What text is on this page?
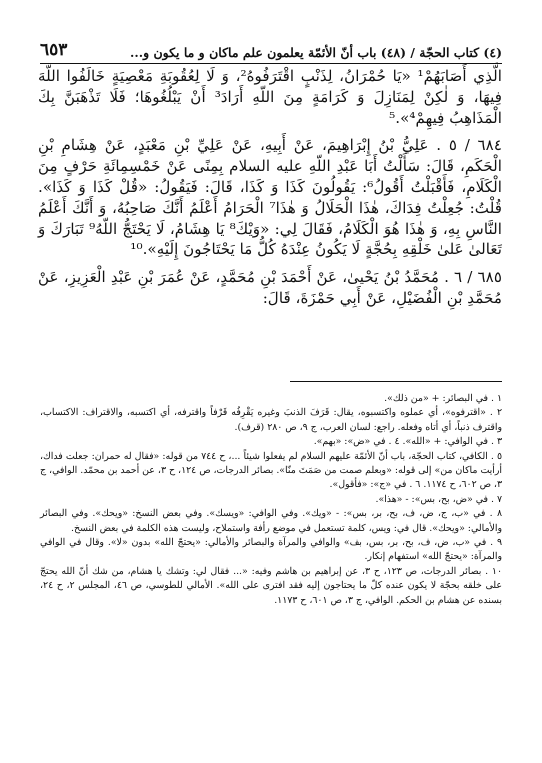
(٤) كتاب الحجّة / (٤٨) باب أنّ الأئمّة يعلمون علم ماكان و ما يكون و...
٦٥٣

الَّذِي أَصَابَهُمْ¹ «يَا حُمْرَانُ، لِذَنْبٍ اقْتَرَفُوهُ²، وَ لَا لِعُقُوبَةِ مَعْصِيَةٍ خَالَفُوا اللّهَ فِيهَا، وَ لٰكِنْ لِمَنَازِلَ وَ كَرَامَةٍ مِنَ اللّهِ أَرَادَ³ أَنْ يَبْلُغُوهَا؛ فَلَا تَذْهَبَنَّ بِكَ الْمَذَاهِبُ فِيهِمْ⁴».⁵

٦٨٤ / ٥ . عَلِيُّ بْنُ إِبْرَاهِيمَ، عَنْ أَبِيهِ، عَنْ عَلِيِّ بْنِ مَعْبَدٍ، عَنْ هِشَامِ بْنِ الْحَكَمِ، قَالَ: سَأَلْتُ أَبَا عَبْدِ اللّهِ عليه السلام بِمِنًى عَنْ خَمْسِمِائَةِ حَرْفٍ مِنَ الْكَلَامِ، فَأَقْبَلْتُ أَقُولُ⁶: يَقُولُونَ كَذَا وَ كَذَا، قَالَ: فَيَقُولُ: «قُلْ كَذَا وَ كَذَا». قُلْتُ: جُعِلْتُ فِدَاكَ، هٰذَا الْحَلَالُ وَ هٰذَا⁷ الْحَرَامُ أَعْلَمُ أَنَّكَ صَاحِبُهُ، وَ أَنَّكَ أَعْلَمُ النَّاسِ بِهِ، وَ هٰذَا هُوَ الْكَلَامُ، فَقَالَ لِي: «وَيْكَ⁸ يَا هِشَامُ، لَا يَحْتَجُّ اللّهُ⁹ تَبَارَكَ وَ تَعَالىٰ عَلىٰ خَلْقِهِ بِحُجَّةٍ لَا يَكُونُ عِنْدَهُ كُلُّ مَا يَحْتَاجُونَ إِلَيْهِ».¹⁰

٦٨٥ / ٦ . مُحَمَّدُ بْنُ يَحْيىٰ، عَنْ أَحْمَدَ بْنِ مُحَمَّدٍ، عَنْ عُمَرَ بْنِ عَبْدِ الْعَزِيزِ، عَنْ مُحَمَّدِ بْنِ الْفُضَيْلِ، عَنْ أَبِي حَمْزَةَ، قَالَ:

١ . في البصائر: + «من ذلك».

٢ . «اقترفوه»، أي عملوه واكتسبوه، يقال: قَرَفَ الذنبَ وغيره يَقْرِفُه قَرْفاً واقترفه، أي اكتسبه، والاقتراف: الاكتساب، واقترف ذنباً، أي أتاه وفعله. راجع: لسان العرب، ج ٩، ص ٢٨٠ (قرف).

٣ . في الوافي: + «الله». ٤ . في «ض»: «بهم».

٥ . الكافي، كتاب الحجّة، باب أنّ الأئمّة عليهم السلام لم يفعلوا شيئاً ...، ح ٧٤٤ من قوله: «فقال له حمران: جعلت فداك، أرأيت ماكان من» إلى قوله: «وبعلم صمت من صَمَتَ منّا». بصائر الدرجات، ص ١٢٤، ح ٣، عن أحمد بن محمّد. الوافي، ج ٣، ص ٦٠٢، ح ١١٧٤. ٦ . في «ج»: «فأقول».

٧ . في «ض، بح، بس»: - «هذا».

٨ . في «ب، ج، ض، ف، بح، بر، بس»: - «ويك». وفي الوافي: «ويسك». وفي بعض النسخ: «ويحك». وفي البصائر والأمالي: «ويحك». قال في: ويس، كلمة تستعمل في موضع رأفة واستملاح، وليست هذه الكلمة في بعض النسخ.

٩ . في «ب، ض، ف، بح، بر، بس، بف» والوافي والمرآة والبصائر والأمالي: «يحتجّ الله» بدون «لا». وقال في الوافي والمرآة: «يحتجّ الله» استفهام إنكار.

١٠ . بصائر الدرجات، ص ١٢٣، ح ٣، عن إبراهيم بن هاشم وفيه: «... فقال لي: وتشك يا هشام، من شك أنّ الله يحتجّ على خلقه بحجّة لا يكون عنده كلّ ما يحتاجون إليه فقد افترى على الله». الأمالي للطوسي، ص ٤٦، المجلس ٢، ح ٢٤، بسنده عن هشام بن الحكم. الوافي، ج ٣، ص ٦٠١، ح ١١٧٣.
